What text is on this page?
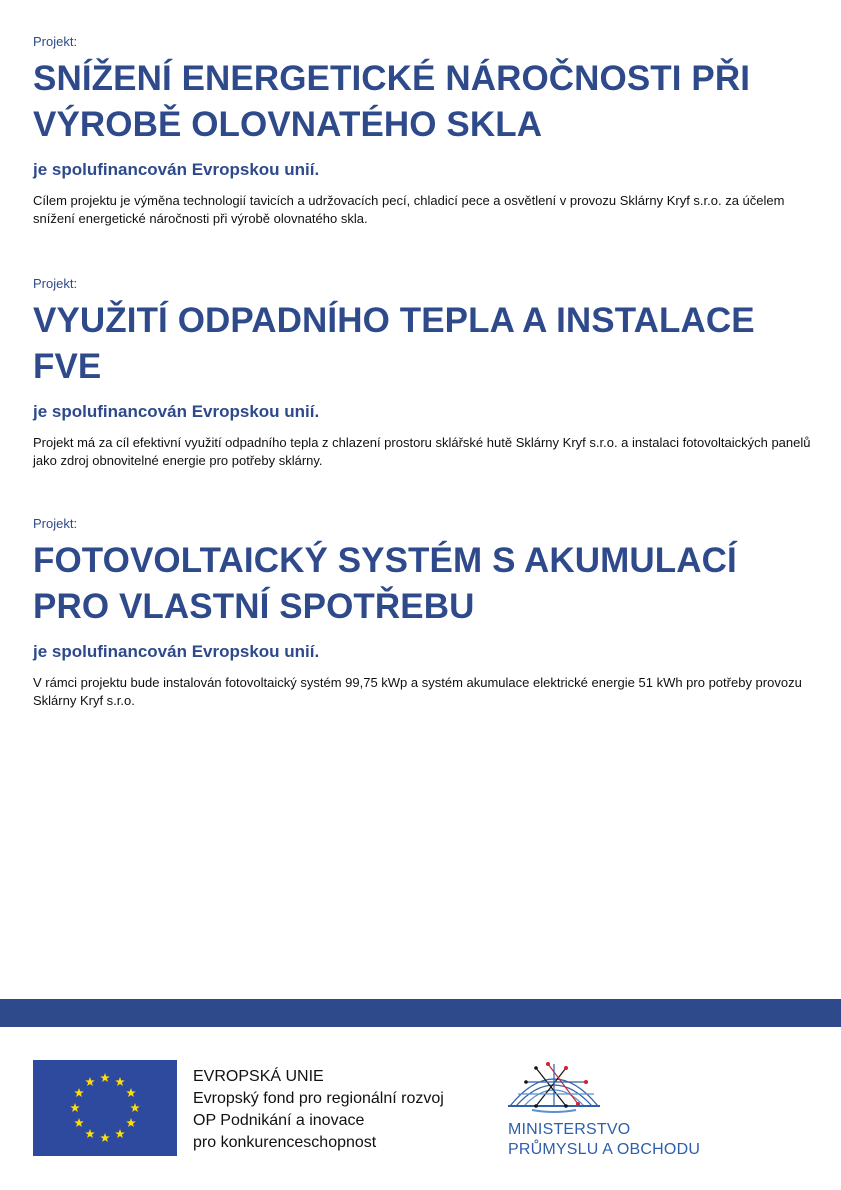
Projekt:

SNÍŽENÍ ENERGETICKÉ NÁROČNOSTI PŘI VÝROBĚ OLOVNATÉHO SKLA

je spolufinancován Evropskou unií.

Cílem projektu je výměna technologií tavicích a udržovacích pecí, chladicí pece a osvětlení v provozu Sklárny Kryf s.r.o. za účelem snížení energetické náročnosti při výrobě olovnatého skla.

Projekt:

VYUŽITÍ ODPADNÍHO TEPLA A INSTALACE FVE

je spolufinancován Evropskou unií.

Projekt má za cíl efektivní využití odpadního tepla z chlazení prostoru sklářské hutě Sklárny Kryf s.r.o. a instalaci fotovoltaických panelů jako zdroj obnovitelné energie pro potřeby sklárny.

Projekt:

FOTOVOLTAICKÝ SYSTÉM S AKUMULACÍ PRO VLASTNÍ SPOTŘEBU

je spolufinancován Evropskou unií.

V rámci projektu bude instalován fotovoltaický systém 99,75 kWp a systém akumulace elektrické energie 51 kWh pro potřeby provozu Sklárny Kryf s.r.o.

EVROPSKÁ UNIE
Evropský fond pro regionální rozvoj
OP Podnikání a inovace
pro konkurenceschopnost
MINISTERSTVO
PRŮMYSLU A OBCHODU
